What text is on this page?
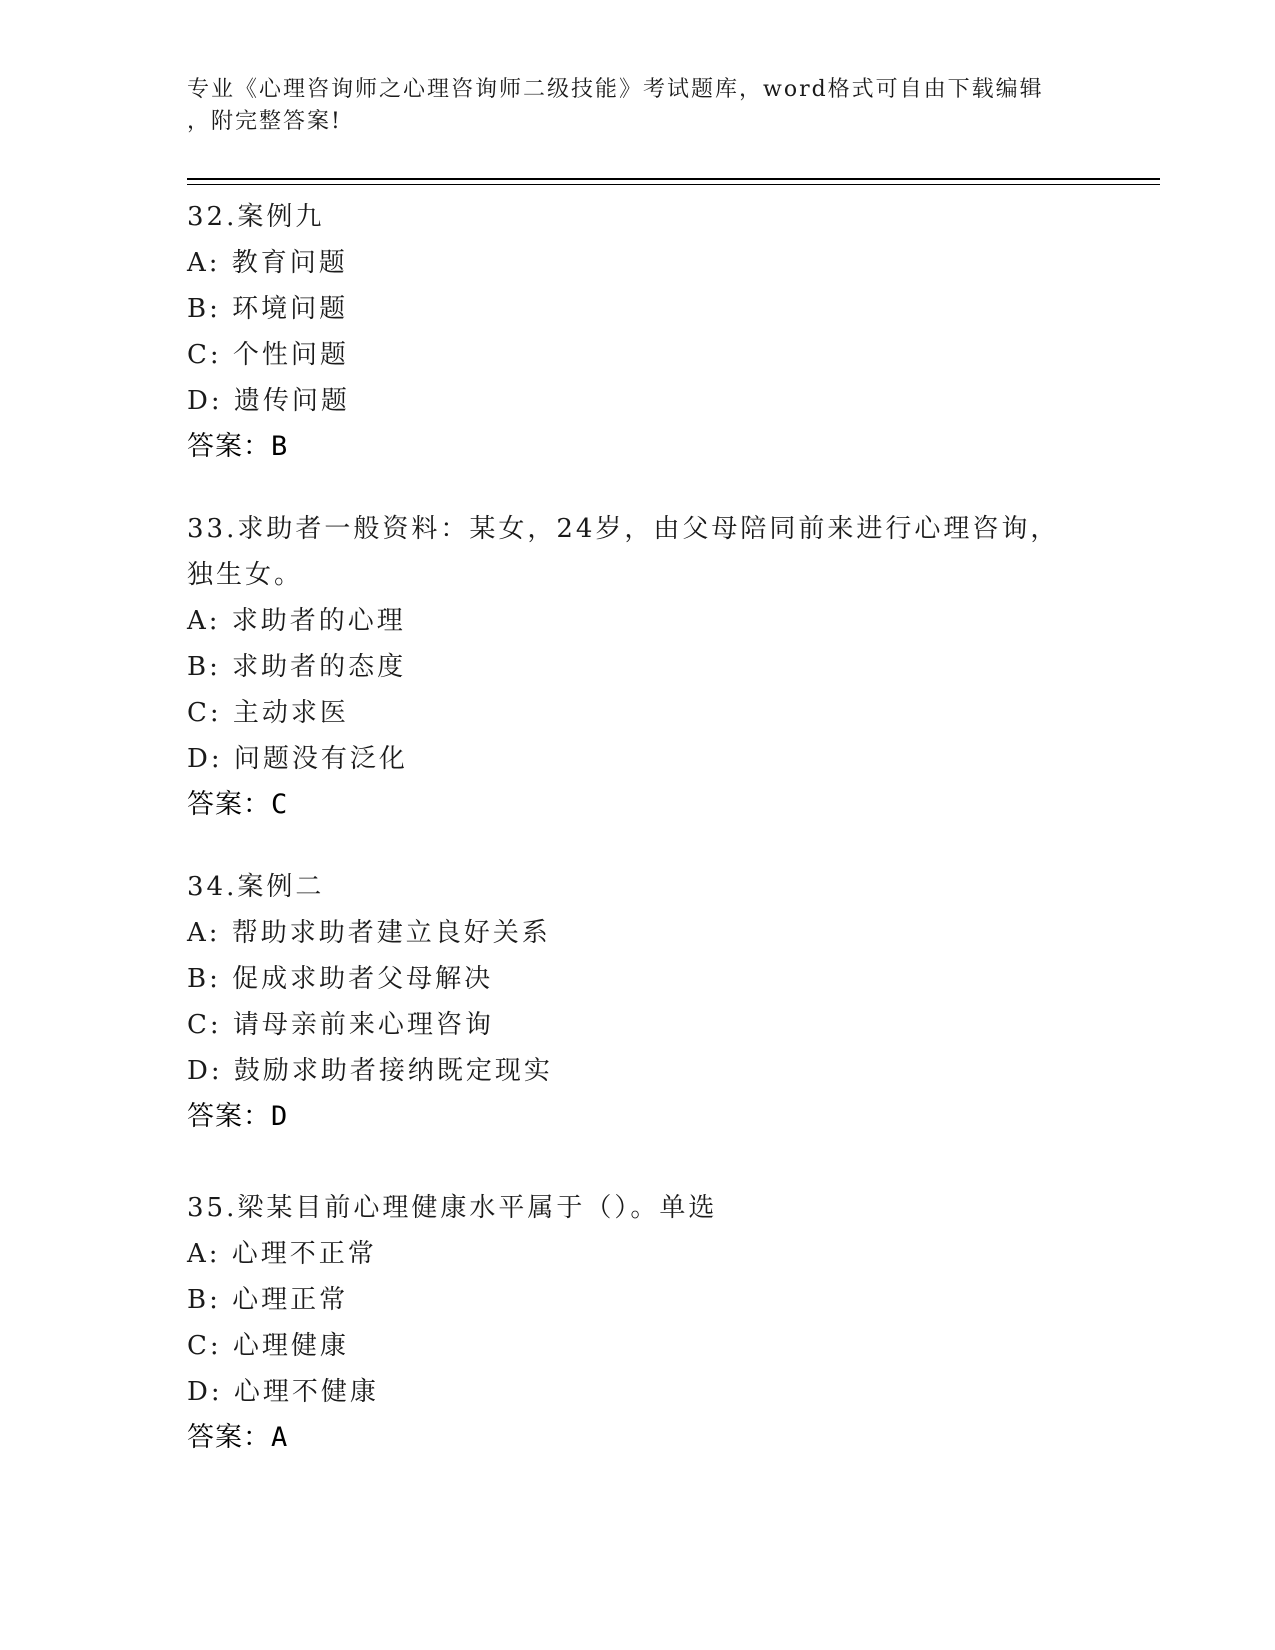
专业《心理咨询师之心理咨询师二级技能》考试题库，word格式可自由下载编辑
，附完整答案!
32.案例九
A: 教育问题
B: 环境问题
C: 个性问题
D: 遗传问题
答案：B
33.求助者一般资料：某女，24岁，由父母陪同前来进行心理咨询，独生女。
A: 求助者的心理
B: 求助者的态度
C: 主动求医
D: 问题没有泛化
答案：C
34.案例二
A: 帮助求助者建立良好关系
B: 促成求助者父母解决
C: 请母亲前来心理咨询
D: 鼓励求助者接纳既定现实
答案：D
35.梁某目前心理健康水平属于（）。单选
A: 心理不正常
B: 心理正常
C: 心理健康
D: 心理不健康
答案：A
